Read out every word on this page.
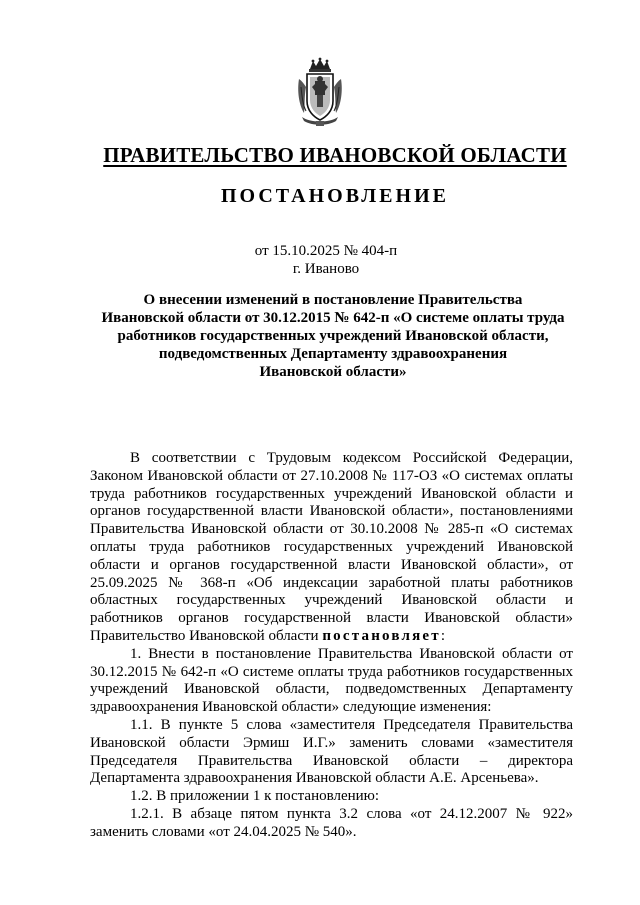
ПРАВИТЕЛЬСТВО ИВАНОВСКОЙ ОБЛАСТИ
ПОСТАНОВЛЕНИЕ
от 15.10.2025 № 404-п
г. Иваново
О внесении изменений в постановление Правительства
Ивановской области от 30.12.2015 № 642-п «О системе оплаты труда
работников государственных учреждений Ивановской области,
подведомственных Департаменту здравоохранения
Ивановской области»

В соответствии с Трудовым кодексом Российской Федерации, Законом Ивановской области от 27.10.2008 № 117-ОЗ «О системах оплаты труда работников государственных учреждений Ивановской области и органов государственной власти Ивановской области», постановлениями Правительства Ивановской области от 30.10.2008 № 285-п «О системах оплаты труда работников государственных учреждений Ивановской области и органов государственной власти Ивановской области», от 25.09.2025 № 368-п «Об индексации заработной платы работников областных государственных учреждений Ивановской области и работников органов государственной власти Ивановской области» Правительство Ивановской области постановляет:

1. Внести в постановление Правительства Ивановской области от 30.12.2015 № 642-п «О системе оплаты труда работников государственных учреждений Ивановской области, подведомственных Департаменту здравоохранения Ивановской области» следующие изменения:

1.1. В пункте 5 слова «заместителя Председателя Правительства Ивановской области Эрмиш И.Г.» заменить словами «заместителя Председателя Правительства Ивановской области – директора Департамента здравоохранения Ивановской области А.Е. Арсеньева».

1.2. В приложении 1 к постановлению:

1.2.1. В абзаце пятом пункта 3.2 слова «от 24.12.2007 № 922» заменить словами «от 24.04.2025 № 540».
